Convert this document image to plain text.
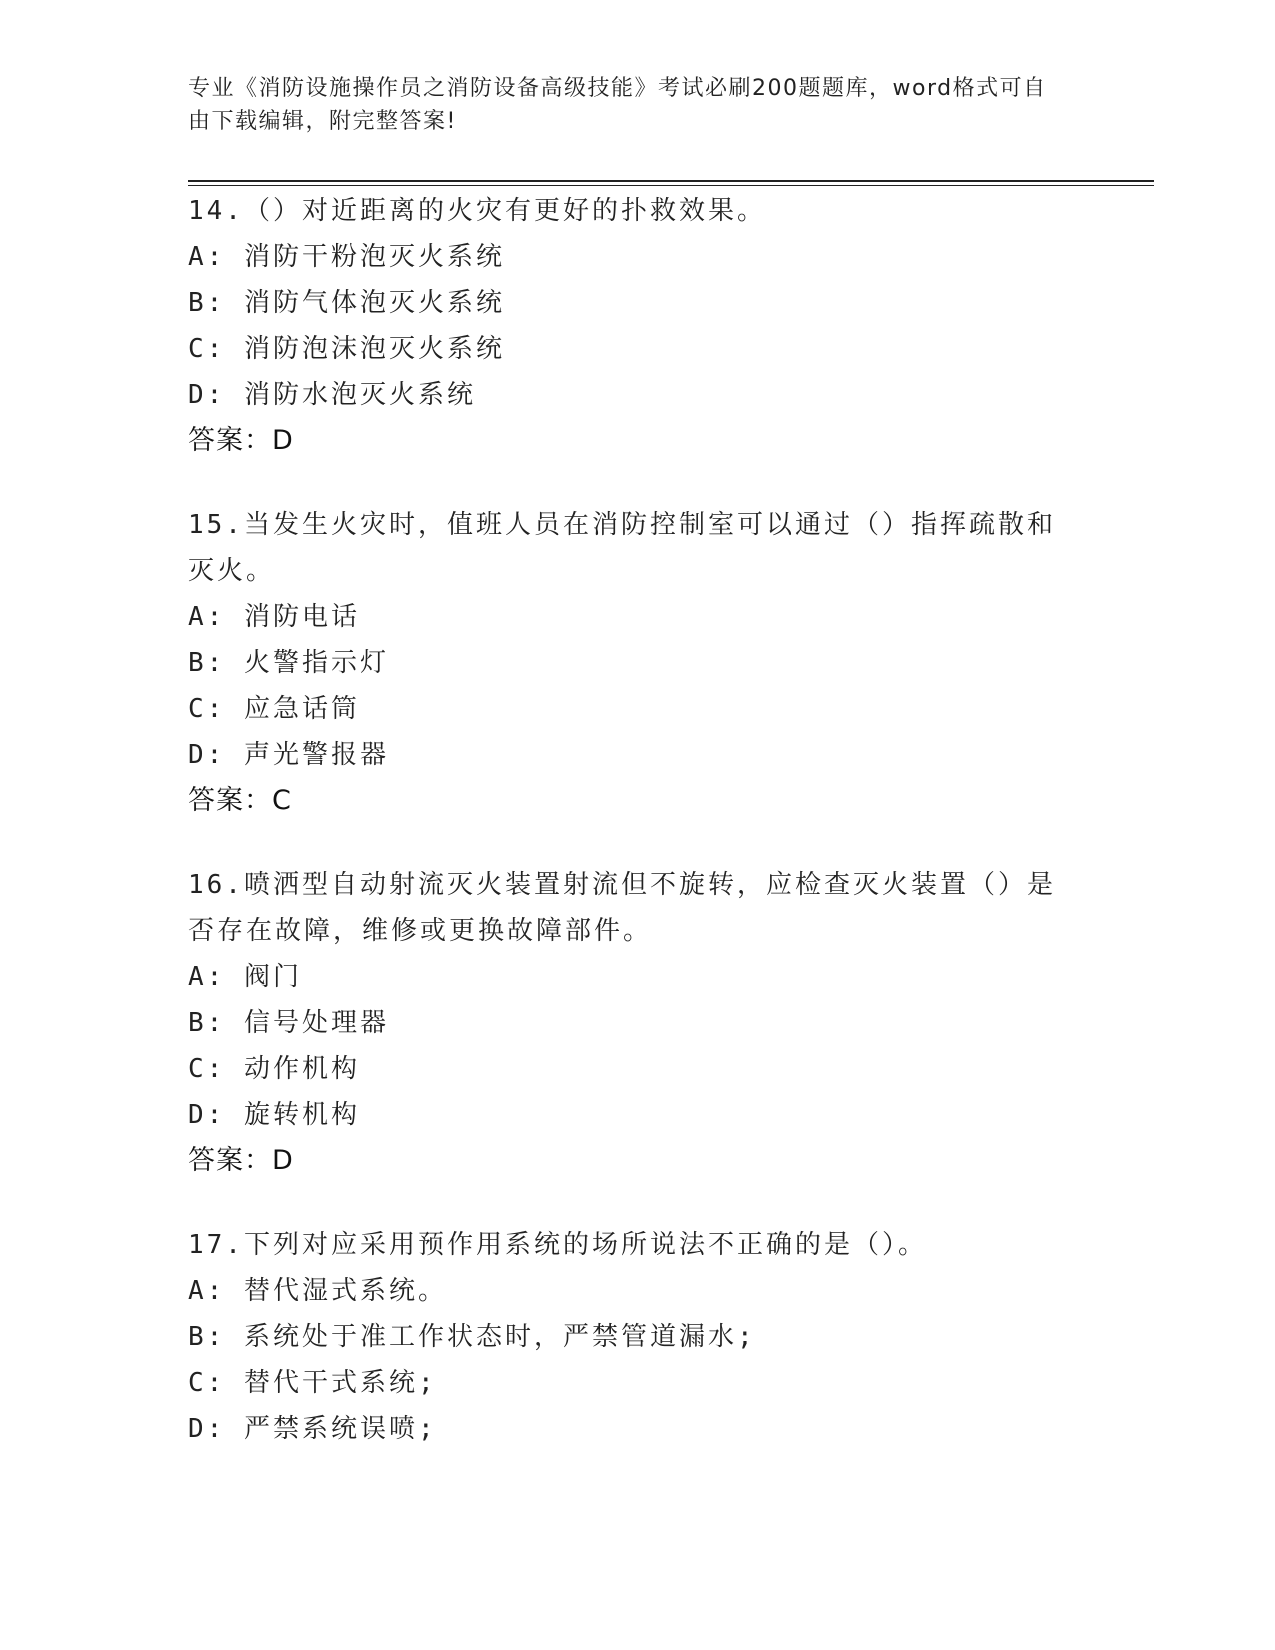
专业《消防设施操作员之消防设备高级技能》考试必刷200题题库，word格式可自由下载编辑，附完整答案!
14.（）对近距离的火灾有更好的扑救效果。
A: 消防干粉泡灭火系统
B: 消防气体泡灭火系统
C: 消防泡沫泡灭火系统
D: 消防水泡灭火系统
答案：D
15.当发生火灾时，值班人员在消防控制室可以通过（）指挥疏散和灭火。
A: 消防电话
B: 火警指示灯
C: 应急话筒
D: 声光警报器
答案：C
16.喷洒型自动射流灭火装置射流但不旋转，应检查灭火装置（）是否存在故障，维修或更换故障部件。
A: 阀门
B: 信号处理器
C: 动作机构
D: 旋转机构
答案：D
17.下列对应采用预作用系统的场所说法不正确的是（）。
A: 替代湿式系统。
B: 系统处于准工作状态时，严禁管道漏水;
C: 替代干式系统;
D: 严禁系统误喷;
